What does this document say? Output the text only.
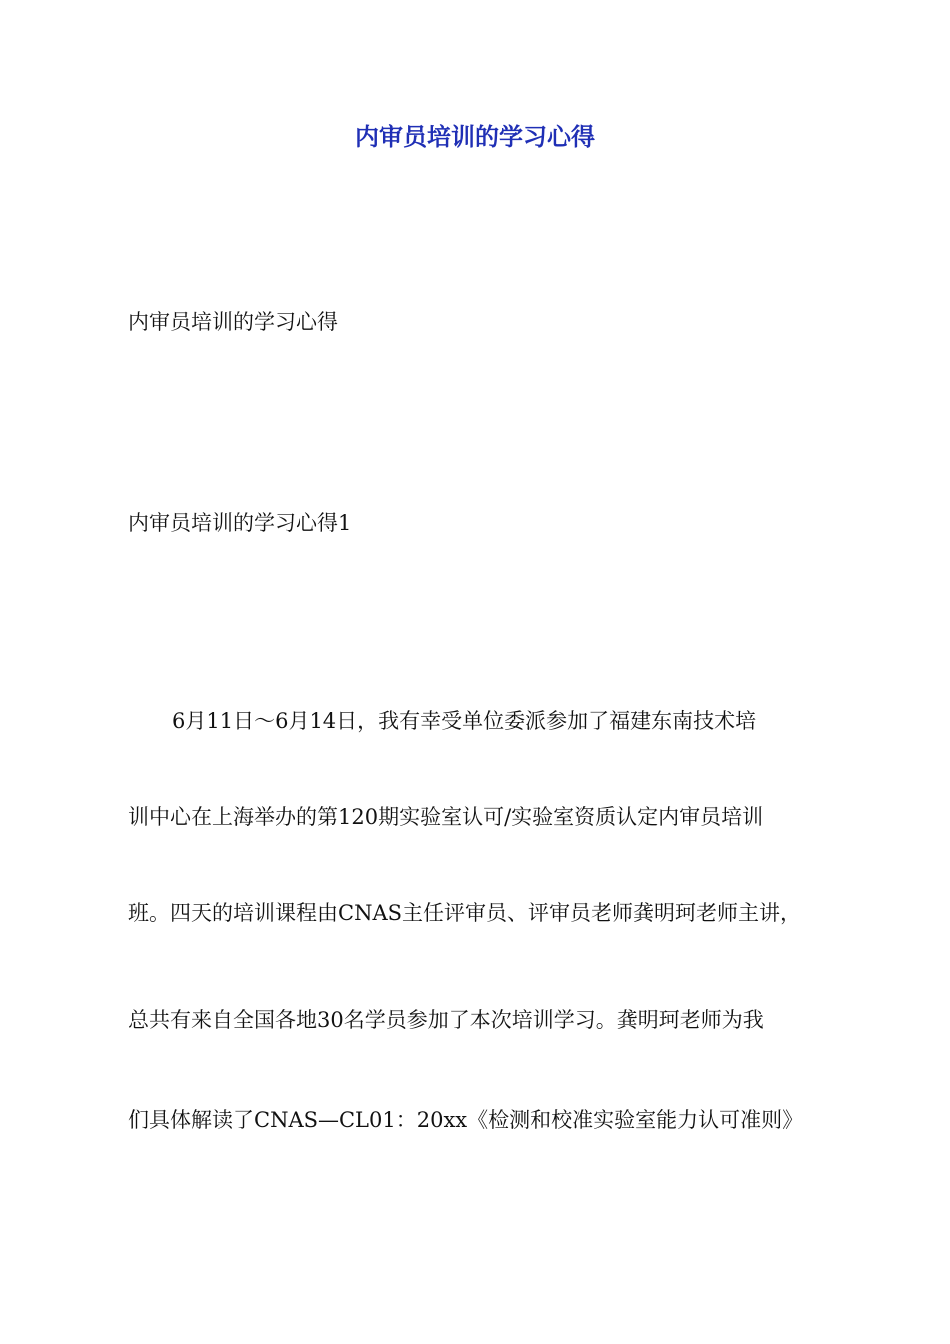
内审员培训的学习心得

内审员培训的学习心得

内审员培训的学习心得1

6月11日～6月14日，我有幸受单位委派参加了福建东南技术培

训中心在上海举办的第120期实验室认可/实验室资质认定内审员培训

班。四天的培训课程由CNAS主任评审员、评审员老师龚明珂老师主讲，

总共有来自全国各地30名学员参加了本次培训学习。龚明珂老师为我

们具体解读了CNAS—CL01：20xx《检测和校准实验室能力认可准则》
